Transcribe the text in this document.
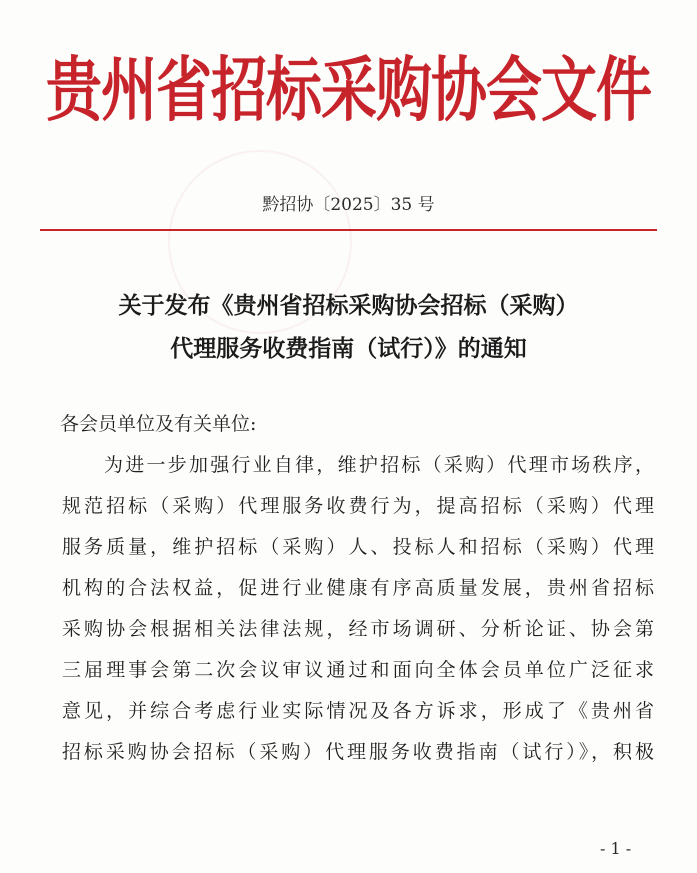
贵州省招标采购协会文件
黔招协〔2025〕35 号
关于发布《贵州省招标采购协会招标（采购）
代理服务收费指南（试行）》的通知
各会员单位及有关单位:
为进一步加强行业自律，维护招标（采购）代理市场秩序，
规范招标（采购）代理服务收费行为，提高招标（采购）代理
服务质量，维护招标（采购）人、投标人和招标（采购）代理
机构的合法权益，促进行业健康有序高质量发展，贵州省招标
采购协会根据相关法律法规，经市场调研、分析论证、协会第
三届理事会第二次会议审议通过和面向全体会员单位广泛征求
意见，并综合考虑行业实际情况及各方诉求，形成了《贵州省
招标采购协会招标（采购）代理服务收费指南（试行）》，积极
- 1 -
